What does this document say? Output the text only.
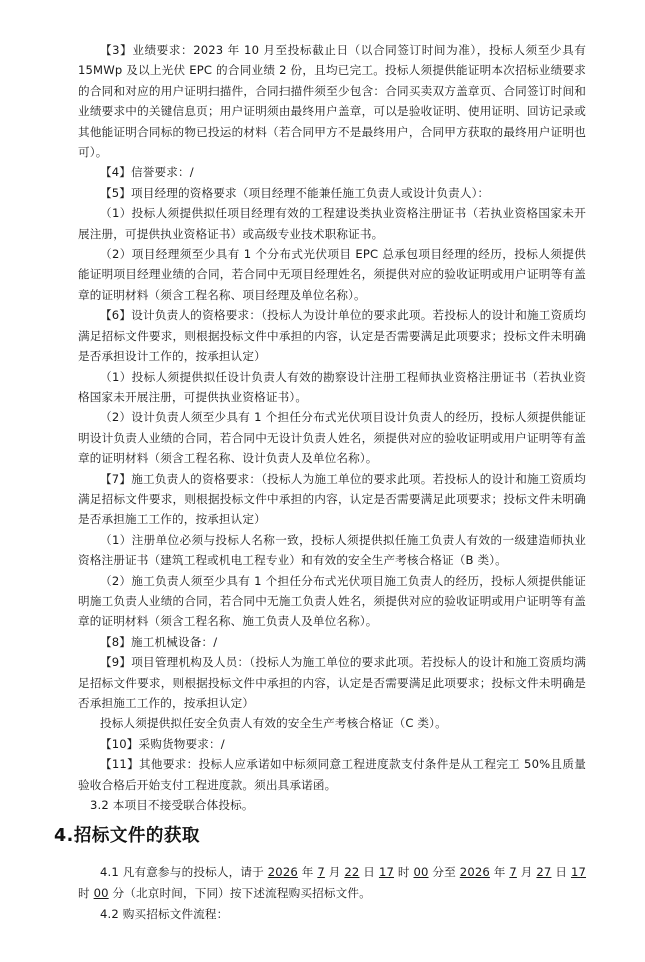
【3】业绩要求：2023 年 10 月至投标截止日（以合同签订时间为准），投标人须至少具有 15MWp 及以上光伏 EPC 的合同业绩 2 份，且均已完工。投标人须提供能证明本次招标业绩要求的合同和对应的用户证明扫描件，合同扫描件须至少包含：合同买卖双方盖章页、合同签订时间和业绩要求中的关键信息页；用户证明须由最终用户盖章，可以是验收证明、使用证明、回访记录或其他能证明合同标的物已投运的材料（若合同甲方不是最终用户，合同甲方获取的最终用户证明也可）。

【4】信誉要求：/

【5】项目经理的资格要求（项目经理不能兼任施工负责人或设计负责人）：

（1）投标人须提供拟任项目经理有效的工程建设类执业资格注册证书（若执业资格国家未开展注册，可提供执业资格证书）或高级专业技术职称证书。

（2）项目经理须至少具有 1 个分布式光伏项目 EPC 总承包项目经理的经历，投标人须提供能证明项目经理业绩的合同，若合同中无项目经理姓名，须提供对应的验收证明或用户证明等有盖章的证明材料（须含工程名称、项目经理及单位名称）。

【6】设计负责人的资格要求：（投标人为设计单位的要求此项。若投标人的设计和施工资质均满足招标文件要求，则根据投标文件中承担的内容，认定是否需要满足此项要求；投标文件未明确是否承担设计工作的，按承担认定）

（1）投标人须提供拟任设计负责人有效的勘察设计注册工程师执业资格注册证书（若执业资格国家未开展注册，可提供执业资格证书）。

（2）设计负责人须至少具有 1 个担任分布式光伏项目设计负责人的经历，投标人须提供能证明设计负责人业绩的合同，若合同中无设计负责人姓名，须提供对应的验收证明或用户证明等有盖章的证明材料（须含工程名称、设计负责人及单位名称）。

【7】施工负责人的资格要求：（投标人为施工单位的要求此项。若投标人的设计和施工资质均满足招标文件要求，则根据投标文件中承担的内容，认定是否需要满足此项要求；投标文件未明确是否承担施工工作的，按承担认定）

（1）注册单位必须与投标人名称一致，投标人须提供拟任施工负责人有效的一级建造师执业资格注册证书（建筑工程或机电工程专业）和有效的安全生产考核合格证（B 类）。

（2）施工负责人须至少具有 1 个担任分布式光伏项目施工负责人的经历，投标人须提供能证明施工负责人业绩的合同，若合同中无施工负责人姓名，须提供对应的验收证明或用户证明等有盖章的证明材料（须含工程名称、施工负责人及单位名称）。

【8】施工机械设备：/

【9】项目管理机构及人员：（投标人为施工单位的要求此项。若投标人的设计和施工资质均满足招标文件要求，则根据投标文件中承担的内容，认定是否需要满足此项要求；投标文件未明确是否承担施工工作的，按承担认定）

投标人须提供拟任安全负责人有效的安全生产考核合格证（C 类）。

【10】采购货物要求：/

【11】其他要求：投标人应承诺如中标须同意工程进度款支付条件是从工程完工 50%且质量验收合格后开始支付工程进度款。须出具承诺函。

3.2 本项目不接受联合体投标。

4.招标文件的获取

4.1 凡有意参与的投标人，请于 2026 年 7 月 22 日 17 时 00 分至 2026 年 7 月 27 日 17 时 00 分（北京时间，下同）按下述流程购买招标文件。

4.2 购买招标文件流程：
